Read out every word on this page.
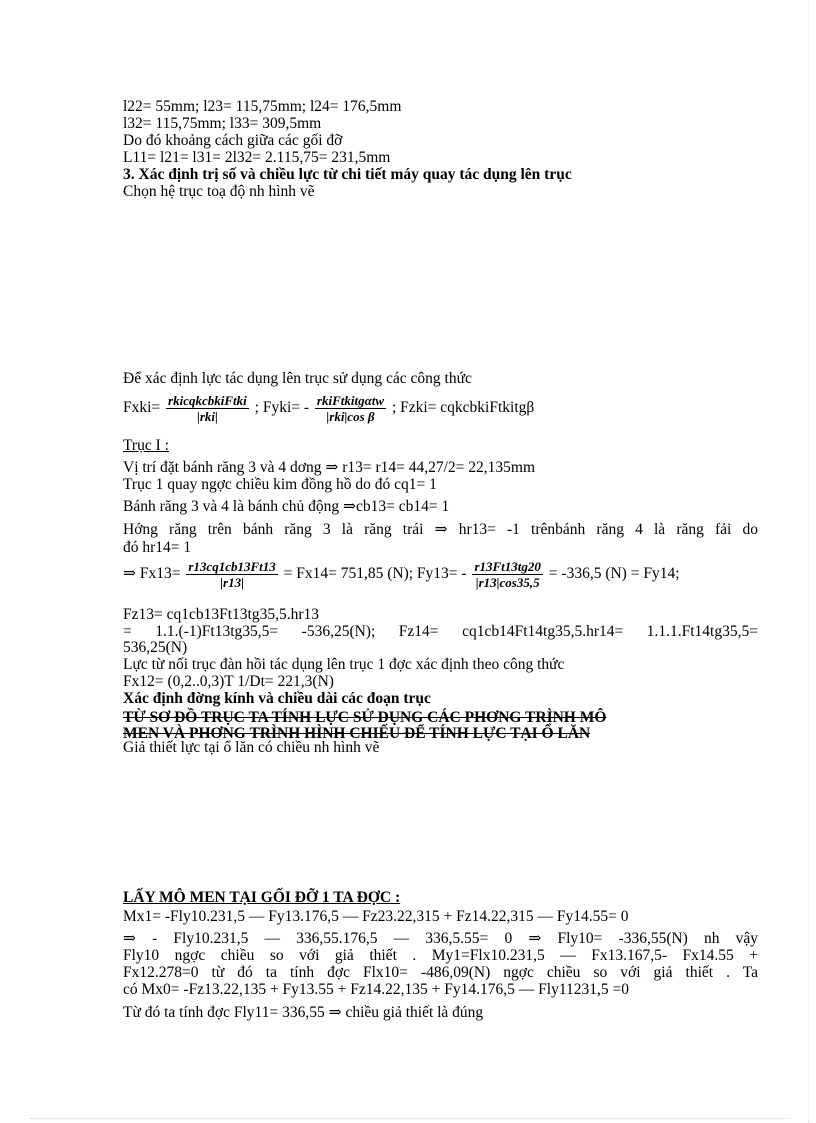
l22= 55mm; l23= 115,75mm; l24= 176,5mm
l32= 115,75mm; l33= 309,5mm
Do đó khoảng cách giữa các gối đỡ
L11= l21= l31= 2l32= 2.115,75= 231,5mm
3. Xác định trị số và chiều lực từ chi tiết máy quay tác dụng lên trục
Chọn hệ trục toạ độ nh hình vẽ
Để xác định lực tác dụng lên trục sử dụng các công thức
Fxki= $\frac{\text{rkicqkcbkiFtki}}{\text{|rki|}}$ ; Fyki= - $\frac{\text{rkiFtkitgαtw}}{\text{|rki|cos β}}$ ; Fzki= cqkcbkiFtkitgβ
Trục I :
Vị trí đặt bánh răng 3 và 4 dơng ⇒ r13= r14= 44,27/2= 22,135mm
Trục 1 quay ngợc chiều kim đồng hồ do đó cq1= 1
Bánh răng 3 và 4 là bánh chủ động ⇒cb13= cb14= 1
Hớng răng trên bánh răng 3 là răng trái ⇒ hr13= -1 trênbánh răng 4 là răng fải do
đó hr14= 1
⇒ $Fx13= \frac{r13cq1cb13Ft13}{|r13|} = Fx14= 751,85$ (N); $Fy13= - \frac{r13Ft13tg20}{|r13|\cos 35,5} = -336,5$ (N) = Fy14;
Fz13= cq1cb13Ft13tg35,5.hr13
= 1.1.(-1)Ft13tg35,5= -536,25(N); Fz14= cq1cb14Ft14tg35,5.hr14= 1.1.1.Ft14tg35,5=
536,25(N)
Lực từ nối trục đàn hồi tác dụng lên trục 1 đợc xác định theo công thức
Fx12= (0,2..0,3)T 1/Dt= 221,3(N)
Xác định đờng kính và chiều dài các đoạn trục
TỪ SƠ ĐỒ TRỤC TA TÍNH LỰC SỬ DỤNG CÁC PHƠNG TRÌNH MÔ
MEN VÀ PHƠNG TRÌNH HÌNH CHIẾU ĐỂ TÍNH LỰC TẠI Ổ LĂN
Giả thiết lực tại ổ lăn có chiều nh hình vẽ
LẤY MÔ MEN TẠI GỐI ĐỠ 1 TA ĐỢC :
Mx1= -Fly10.231,5 — Fy13.176,5 — Fz23.22,315 + Fz14.22,315 — Fy14.55= 0
⇒ - Fly10.231,5 — 336,55.176,5 — 336,5.55= 0 ⇒ Fly10= -336,55(N) nh vậy
Fly10 ngợc chiều so với giả thiết . My1=Flx10.231,5 — Fx13.167,5- Fx14.55 +
Fx12.278=0 từ đó ta tính đợc Flx10= -486,09(N) ngợc chiều so với giả thiết . Ta
có Mx0= -Fz13.22,135 + Fy13.55 + Fz14.22,135 + Fy14.176,5 — Fly11231,5 =0
Từ đó ta tính đợc Fly11= 336,55 ⇒ chiều giả thiết là đúng
